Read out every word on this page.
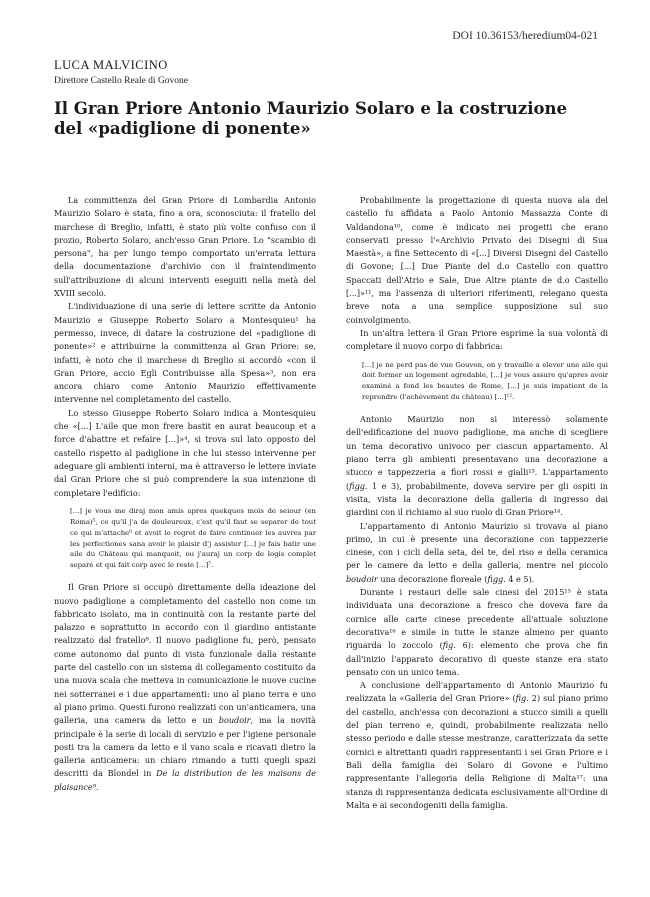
DOI 10.36153/heredium04-021
LUCA MALVICINO
Direttore Castello Reale di Govone
Il Gran Priore Antonio Maurizio Solaro e la costruzione
del «padiglione di ponente»

La committenza del Gran Priore di Lombardia Antonio Maurizio Solaro è stata, fino a ora, sconosciuta: il fratello del marchese di Breglio, infatti, è stato più volte confuso con il prozio, Roberto Solaro, anch'esso Gran Priore. Lo "scambio di persona", ha per lungo tempo comportato un'errata lettura della documentazione d'archivio con il fraintendimento sull'attribuzione di alcuni interventi eseguiti nella metà del XVIII secolo.

L'individuazione di una serie di lettere scritte da Antonio Maurizio e Giuseppe Roberto Solaro a Montesquieu¹ ha permesso, invece, di datare la costruzione del «padiglione di ponente»² e attribuirne la committenza al Gran Priore: se, infatti, è noto che il marchese di Breglio si accordò «con il Gran Priore, accio Egli Contribuisse alla Spesa»³, non era ancora chiaro come Antonio Maurizio effettivamente intervenne nel completamento del castello.

Lo stesso Giuseppe Roberto Solaro indica a Montesquieu che «[...] L'aile que mon frere bastit en aurat beaucoup et a force d'abattre et refaire [...]»⁴, si trova sul lato opposto del castello rispetto al padiglione in che lui stesso intervenne per adeguare gli ambienti interni, ma è attraverso le lettere inviate dal Gran Priore che si può comprendere la sua intenzione di completare l'edificio:

[...] je vous me diraj mon amis apres quekques mois de seiour (en Roma)⁵, ce qu'il j'a de douleureux, c'est qu'il faut se separer de tout ce qui m'attache⁶ et avoit le regret de faire continuer les auvres par les perfectiones sana avoir le plaisir d'j assister [...] je fais batir une aile du Château qui manquoit, ou j'auraj un corp de logis complet separé et qui fait corp avec le reste [...]⁷.

Il Gran Priore si occupò direttamente della ideazione del nuovo padiglione a completamento del castello non come un fabbricato isolato, ma in continuità con la restante parte del palazzo e soprattutto in accordo con il giardino antistante realizzato dal fratello⁸. Il nuovo padiglione fu, però, pensato come autonomo dal punto di vista funzionale dalla restante parte del castello con un sistema di collegamento costituito da una nuova scala che metteva in comunicazione le nuove cucine nei sotterranei e i due appartamenti: uno al piano terra e uno al piano primo. Questi furono realizzati con un'anticamera, una galleria, una camera da letto e un boudoir, ma la novità principale è la serie di locali di servizio e per l'igiene personale posti tra la camera da letto e il vano scala e ricavati dietro la galleria anticamera: un chiaro rimando a tutti quegli spazi descritti da Blondel in De la distribution de les maisons de plaisance⁹.

Probabilmente la progettazione di questa nuova ala del castello fu affidata a Paolo Antonio Massazza Conte di Valdandona¹⁰, come è indicato nei progetti che erano conservati presso l'«Archivio Privato dei Disegni di Sua Maestà», a fine Settecento di «[...] Diversi Disegni del Castello di Govone; [...] Due Piante del d.o Castello con quattro Spaccati dell'Atrio e Sale, Due Altre piante de d.o Castello [...]»¹¹, ma l'assenza di ulteriori riferimenti, relegano questa breve nota a una semplice supposizione sul suo coinvolgimento.

In un'altra lettera il Gran Priore esprime la sua volontà di completare il nuovo corpo di fabbrica:

[...] je ne perd pas de vue Gouvon, on y travaille a elever une aile qui doit former un logement agredable, [...] je vous assure qu'apres avoir examiné a fond les beautes de Rome, [...] je suis impatient de la reprendre (l'achèvement du château) [...]¹².

Antonio Maurizio non si interessò solamente dell'edificazione del nuovo padiglione, ma anche di scegliere un tema decorativo univoco per ciascun appartamento. Al piano terra gli ambienti presentavano una decorazione a stucco e tappezzeria a fiori rossi e gialli¹³. L'appartamento (figg. 1 e 3), probabilmente, doveva servire per gli ospiti in visita, vista la decorazione della galleria di ingresso dai giardini con il richiamo al suo ruolo di Gran Priore¹⁴.

L'appartamento di Antonio Maurizio si trovava al piano primo, in cui è presente una decorazione con tappezzerie cinese, con i cicli della seta, del te, del riso e della ceramica per le camere da letto e della galleria, mentre nel piccolo boudoir una decorazione floreale (figg. 4 e 5).

Durante i restauri delle sale cinesi del 2015¹⁵ è stata individuata una decorazione a fresco che doveva fare da cornice alle carte cinese precedente all'attuale soluzione decorativa¹⁶ e simile in tutte le stanze almeno per quanto riguarda lo zoccolo (fig. 6): elemento che prova che fin dall'inizio l'apparato decorativo di queste stanze era stato pensato con un unico tema.

A conclusione dell'appartamento di Antonio Maurizio fu realizzata la «Galleria del Gran Priore» (fig. 2) sul piano primo del castello, anch'essa con decorazioni a stucco simili a quelli del pian terreno e, quindi, probabilmente realizzata nello stesso periodo e dalle stesse mestranze, caratterizzata da sette cornici e altrettanti quadri rappresentanti i sei Gran Priore e i Balì della famiglia dei Solaro di Govone e l'ultimo rappresentante l'allegoria della Religione di Malta¹⁷: una stanza di rappresentanza dedicata esclusivamente all'Ordine di Malta e ai secondogeniti della famiglia.
